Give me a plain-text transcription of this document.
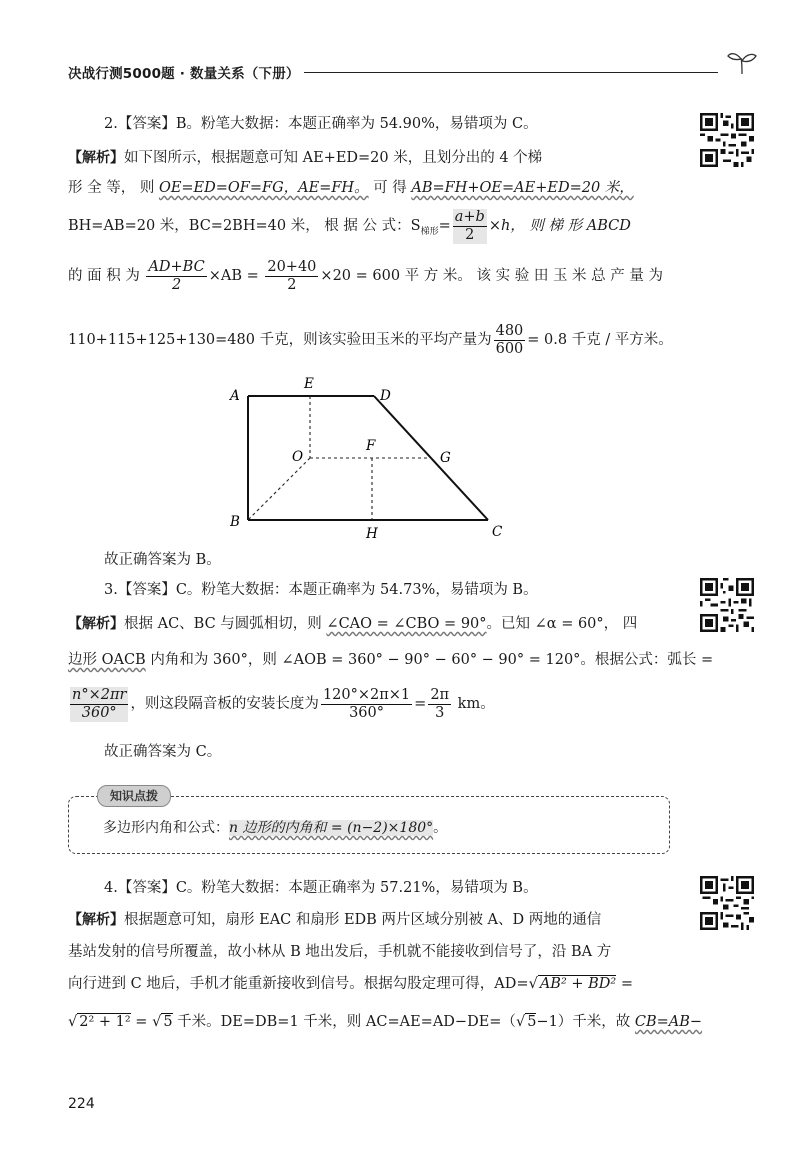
决战行测5000题 · 数量关系（下册）
2.【答案】B。粉笔大数据：本题正确率为 54.90%，易错项为 C。
【解析】如下图所示，根据题意可知 AE+ED=20 米，且划分出的 4 个梯
形 全 等， 则 OE=ED=OF=FG，AE=FH。 可 得 AB=FH+OE=AE+ED=20 米，
BH=AB=20 米，BC=2BH=40 米， 根 据 公 式：$S_{梯形}= \frac{a+b}{2} \times h$， 则 梯 形 ABCD
的 面 积 为 $\frac{AD+BC}{2} \times AB = \frac{20+40}{2} \times 20 = 600$ 平 方 米。 该 实 验 田 玉 米 总 产 量 为
110+115+125+130=480 千克，则该实验田玉米的平均产量为 $\frac{480}{600} = 0.8$ 千克 / 平方米。
A
E
D
O
F
G
B
H	C
故正确答案为 B。
3.【答案】C。粉笔大数据：本题正确率为 54.73%，易错项为 B。
【解析】根据 AC、BC 与圆弧相切，则 ∠CAO = ∠CBO = 90°。已知 ∠α = 60°， 四
边形 OACB 内角和为 360°，则 ∠AOB = 360° − 90° − 60° − 90° = 120°。根据公式：弧长 =
$\frac{n^\circ\times 2\pi r}{360^\circ}$ ，则这段隔音板的安装长度为 $\frac{120^\circ\times 2\pi\times 1}{360^\circ} = \frac{2\pi}{3}$ km。
故正确答案为 C。
知识点拨
多边形内角和公式：n 边形的内角和 = (n−2)×180°。
4.【答案】C。粉笔大数据：本题正确率为 57.21%，易错项为 B。
【解析】根据题意可知，扇形 EAC 和扇形 EDB 两片区域分别被 A、D 两地的通信
基站发射的信号所覆盖，故小林从 B 地出发后，手机就不能接收到信号了，沿 BA 方
向行进到 C 地后，手机才能重新接收到信号。根据勾股定理可得，AD=√ AB² + BD² =
√ 2² + 1² = √ 5 千米。DE=DB=1 千米，则 AC=AE=AD−DE=（√ 5−1）千米，故 CB=AB−
224
